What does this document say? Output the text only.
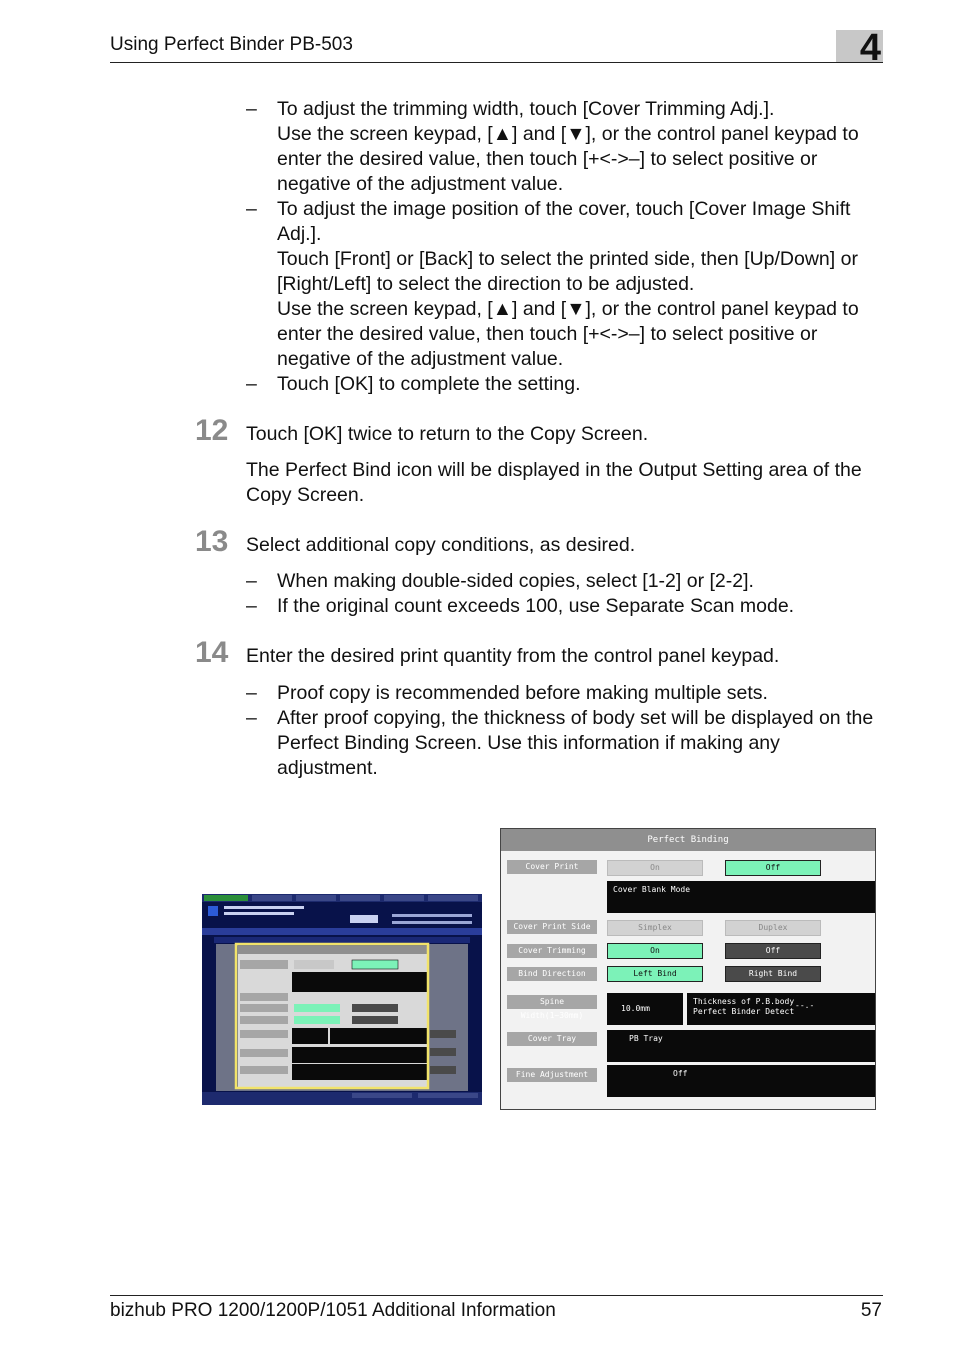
Using Perfect Binder PB-503	4
– To adjust the trimming width, touch [Cover Trimming Adj.].
Use the screen keypad, [▲] and [▼], or the control panel keypad to enter the desired value, then touch [+<->–] to select positive or negative of the adjustment value.
– To adjust the image position of the cover, touch [Cover Image Shift Adj.].
Touch [Front] or [Back] to select the printed side, then [Up/Down] or [Right/Left] to select the direction to be adjusted.
Use the screen keypad, [▲] and [▼], or the control panel keypad to enter the desired value, then touch [+<->–] to select positive or negative of the adjustment value.
– Touch [OK] to complete the setting.
12 Touch [OK] twice to return to the Copy Screen.
The Perfect Bind icon will be displayed in the Output Setting area of the Copy Screen.
13 Select additional copy conditions, as desired.
– When making double-sided copies, select [1-2] or [2-2].
– If the original count exceeds 100, use Separate Scan mode.
14 Enter the desired print quantity from the control panel keypad.
– Proof copy is recommended before making multiple sets.
– After proof copying, the thickness of body set will be displayed on the Perfect Binding Screen. Use this information if making any adjustment.
Perfect Binding
Cover Print	On	Off
Cover Blank Mode
Cover Print Side	Simplex	Duplex
Cover Trimming	On	Off
Bind Direction	Left Bind	Right Bind
Spine Width(1~30mm)
10.0mm
Thickness of P.B.body
Perfect Binder Detect
--.-
Cover Tray	PB Tray
Fine Adjustment	Off
bizhub PRO 1200/1200P/1051 Additional Information	57
